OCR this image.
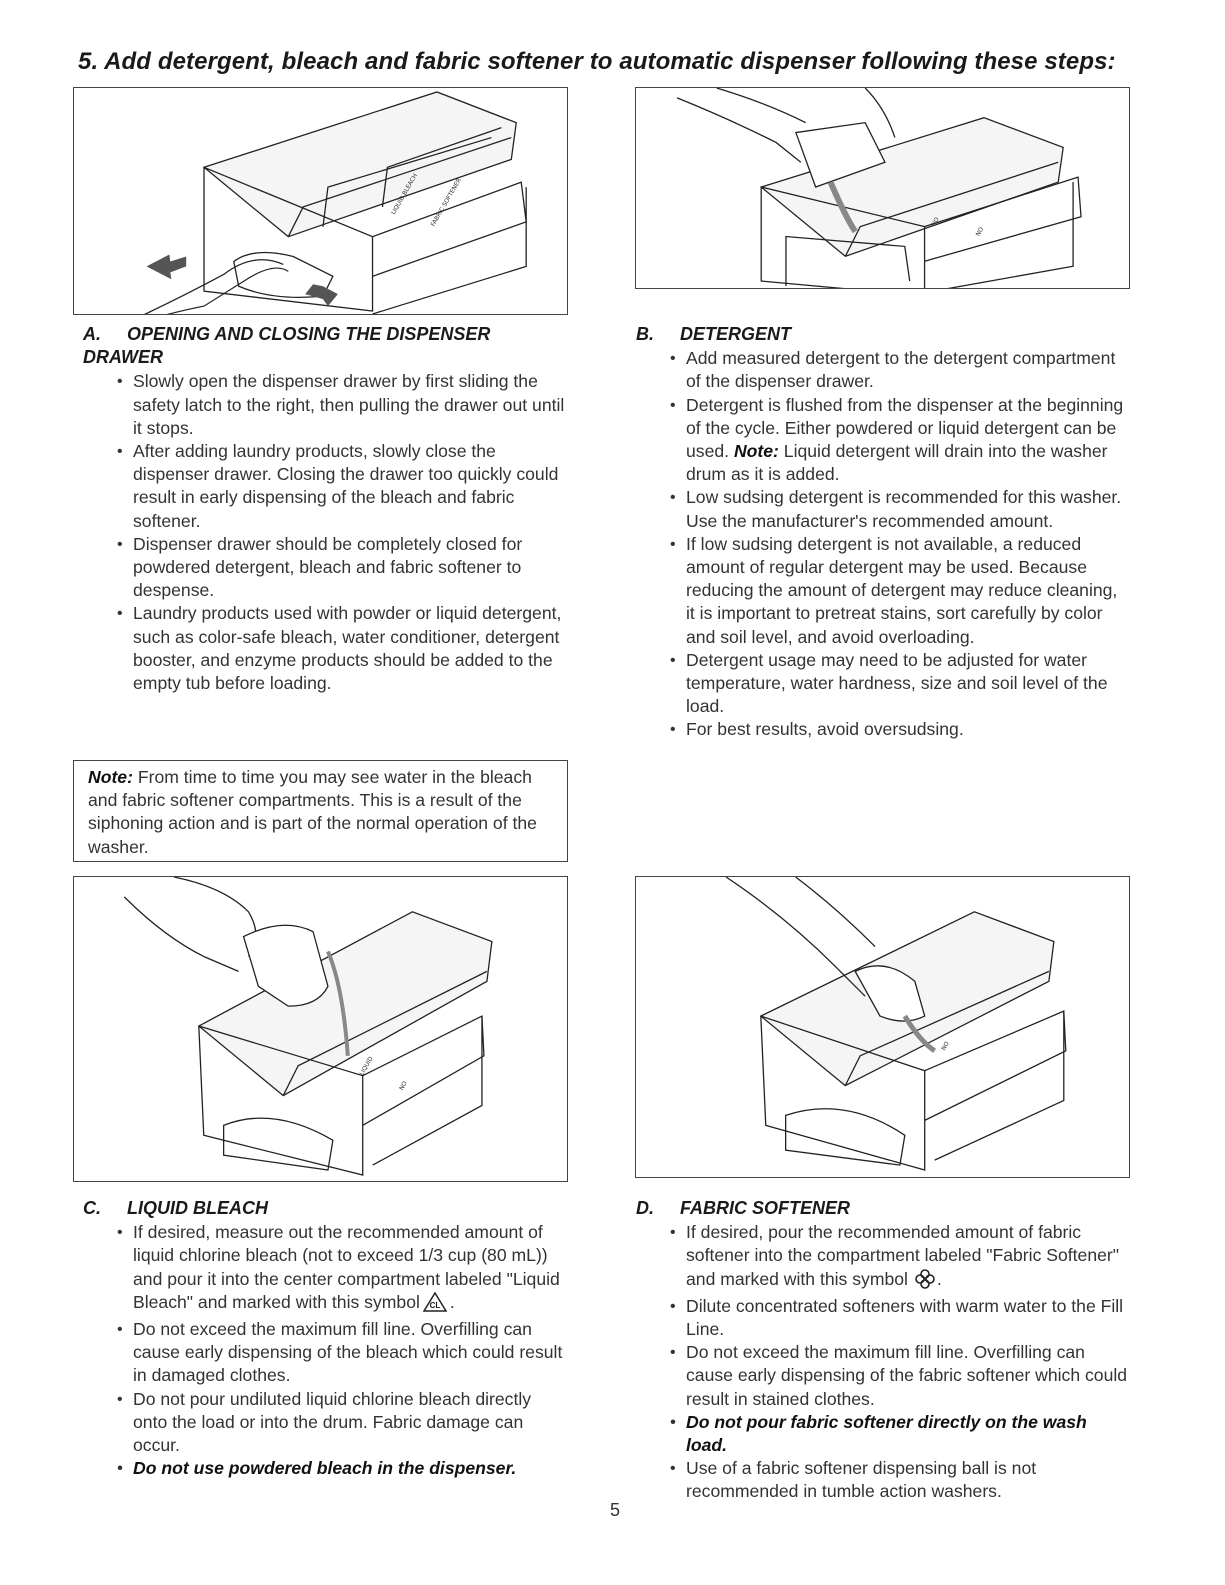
5. Add detergent, bleach and fabric softener to automatic dispenser following these steps:
LIQUID BLEACH FABRIC SOFTENER	NO
NO
A. OPENING AND CLOSING THE DISPENSER DRAWER
• Slowly open the dispenser drawer by first sliding the safety latch to the right, then pulling the drawer out until it stops.
• After adding laundry products, slowly close the dispenser drawer. Closing the drawer too quickly could result in early dispensing of the bleach and fabric softener.
• Dispenser drawer should be completely closed for powdered detergent, bleach and fabric softener to despense.
• Laundry products used with powder or liquid detergent, such as color-safe bleach, water conditioner, detergent booster, and enzyme products should be added to the empty tub before loading.
Note: From time to time you may see water in the bleach and fabric softener compartments. This is a result of the siphoning action and is part of the normal operation of the washer.
B. DETERGENT
• Add measured detergent to the detergent compartment of the dispenser drawer.
• Detergent is flushed from the dispenser at the beginning of the cycle. Either powdered or liquid detergent can be used. Note: Liquid detergent will drain into the washer drum as it is added.
• Low sudsing detergent is recommended for this washer. Use the manufacturer's recommended amount.
• If low sudsing detergent is not available, a reduced amount of regular detergent may be used. Because reducing the amount of detergent may reduce cleaning, it is important to pretreat stains, sort carefully by color and soil level, and avoid overloading.
• Detergent usage may need to be adjusted for water temperature, water hardness, size and soil level of the load.
• For best results, avoid oversudsing.
LIQUID
NO
NO
C. LIQUID BLEACH
• If desired, measure out the recommended amount of liquid chlorine bleach (not to exceed 1/3 cup (80 mL)) and pour it into the center compartment labeled "Liquid Bleach" and marked with this symbol CL .
• Do not exceed the maximum fill line. Overfilling can cause early dispensing of the bleach which could result in damaged clothes.
• Do not pour undiluted liquid chlorine bleach directly onto the load or into the drum. Fabric damage can occur.
• Do not use powdered bleach in the dispenser.
D. FABRIC SOFTENER
• If desired, pour the recommended amount of fabric softener into the compartment labeled "Fabric Softener" and marked with this symbol .
• Dilute concentrated softeners with warm water to the Fill Line.
• Do not exceed the maximum fill line. Overfilling can cause early dispensing of the fabric softener which could result in stained clothes.
• Do not pour fabric softener directly on the wash load.
• Use of a fabric softener dispensing ball is not recommended in tumble action washers.
5
